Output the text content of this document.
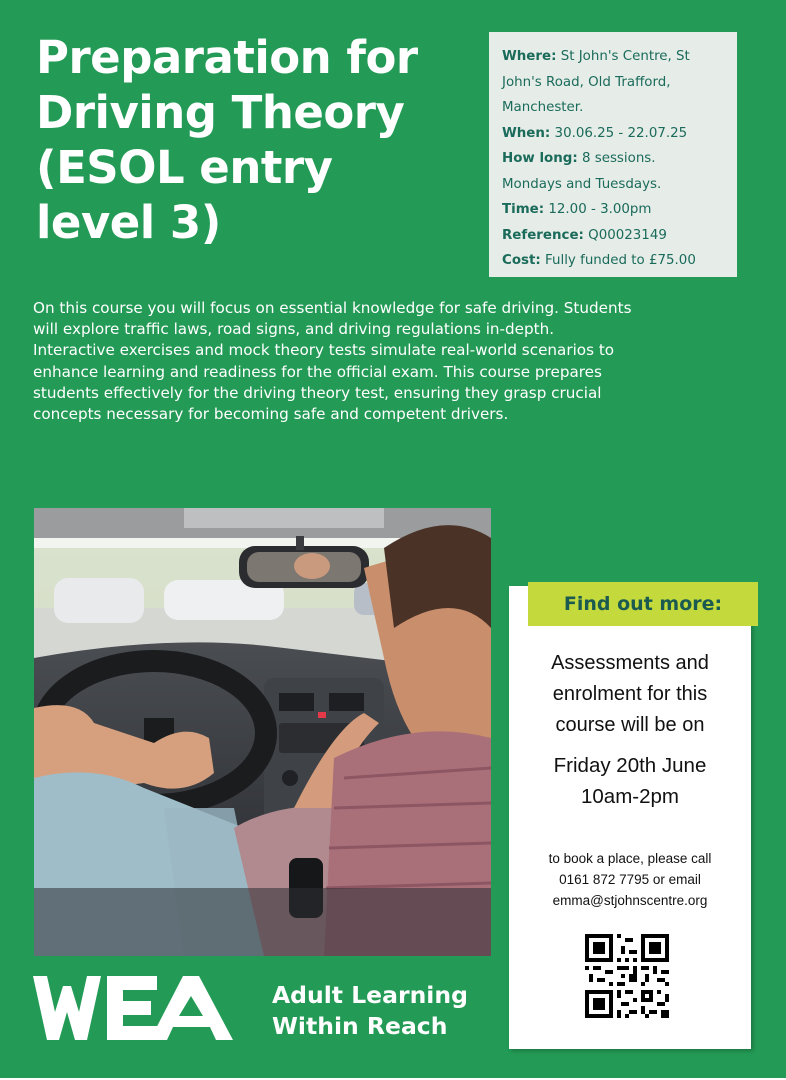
Preparation for
Driving Theory
(ESOL entry
level 3)
Where: St John's Centre, St
John's Road, Old Trafford,
Manchester.
When: 30.06.25 - 22.07.25
How long: 8 sessions.
Mondays and Tuesdays.
Time: 12.00 - 3.00pm
Reference: Q00023149
Cost: Fully funded to £75.00
On this course you will focus on essential knowledge for safe driving. Students
will explore traffic laws, road signs, and driving regulations in-depth.
Interactive exercises and mock theory tests simulate real-world scenarios to
enhance learning and readiness for the official exam. This course prepares
students effectively for the driving theory test, ensuring they grasp crucial
concepts necessary for becoming safe and competent drivers.
Find out more:
Assessments and
enrolment for this
course will be on
Friday 20th June
10am-2pm
to book a place, please call
0161 872 7795 or email
emma@stjohnscentre.org
Adult Learning
Within Reach
